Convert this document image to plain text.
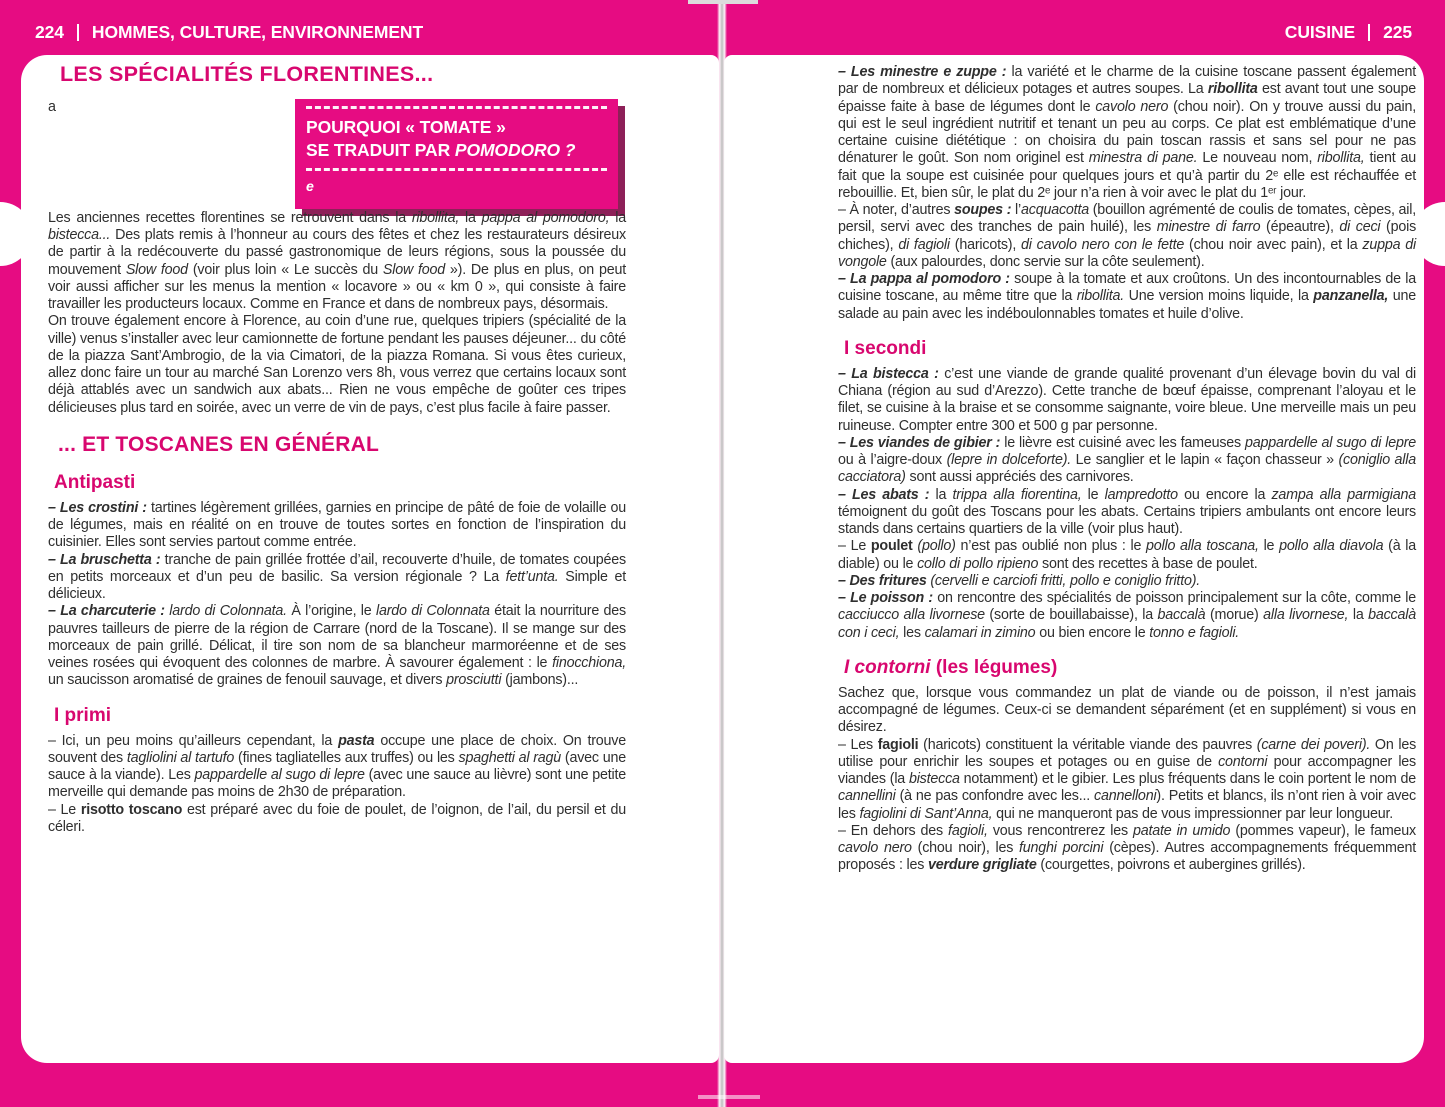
224 HOMMES, CULTURE, ENVIRONNEMENT	CUISINE 225
LES SPÉCIALITÉS FLORENTINES...
a
POURQUOI « TOMATE »
SE TRADUIT PAR POMODORO ?
e

Les anciennes recettes florentines se retrouvent dans la ribollita, la pappa al pomodoro, la bistecca... Des plats remis à l’honneur au cours des fêtes et chez les restaurateurs désireux de partir à la redécouverte du passé gastronomique de leurs régions, sous la poussée du mouvement Slow food (voir plus loin « Le succès du Slow food »). De plus en plus, on peut voir aussi afficher sur les menus la mention « locavore » ou « km 0 », qui consiste à faire travailler les producteurs locaux. Comme en France et dans de nombreux pays, désormais.

On trouve également encore à Florence, au coin d’une rue, quelques tripiers (spécialité de la ville) venus s’installer avec leur camionnette de fortune pendant les pauses déjeuner... du côté de la piazza Sant’Ambrogio, de la via Cimatori, de la piazza Romana. Si vous êtes curieux, allez donc faire un tour au marché San Lorenzo vers 8h, vous verrez que certains locaux sont déjà attablés avec un sandwich aux abats... Rien ne vous empêche de goûter ces tripes délicieuses plus tard en soirée, avec un verre de vin de pays, c’est plus facile à faire passer.

... ET TOSCANES EN GÉNÉRAL
Antipasti

– Les crostini : tartines légèrement grillées, garnies en principe de pâté de foie de volaille ou de légumes, mais en réalité on en trouve de toutes sortes en fonction de l’inspiration du cuisinier. Elles sont servies partout comme entrée.

– La bruschetta : tranche de pain grillée frottée d’ail, recouverte d’huile, de tomates coupées en petits morceaux et d’un peu de basilic. Sa version régionale ? La fett’unta. Simple et délicieux.

– La charcuterie : lardo di Colonnata. À l’origine, le lardo di Colonnata était la nourriture des pauvres tailleurs de pierre de la région de Carrare (nord de la Toscane). Il se mange sur des morceaux de pain grillé. Délicat, il tire son nom de sa blancheur marmoréenne et de ses veines rosées qui évoquent des colonnes de marbre. À savourer également : le finocchiona, un saucisson aromatisé de graines de fenouil sauvage, et divers prosciutti (jambons)...

I primi

– Ici, un peu moins qu’ailleurs cependant, la pasta occupe une place de choix. On trouve souvent des tagliolini al tartufo (fines tagliatelles aux truffes) ou les spaghetti al ragù (avec une sauce à la viande). Les pappardelle al sugo di lepre (avec une sauce au lièvre) sont une petite merveille qui demande pas moins de 2h30 de préparation.

– Le risotto toscano est préparé avec du foie de poulet, de l’oignon, de l’ail, du persil et du céleri.

– Les minestre e zuppe : la variété et le charme de la cuisine toscane passent également par de nombreux et délicieux potages et autres soupes. La ribollita est avant tout une soupe épaisse faite à base de légumes dont le cavolo nero (chou noir). On y trouve aussi du pain, qui est le seul ingrédient nutritif et tenant un peu au corps. Ce plat est emblématique d’une certaine cuisine diététique : on choisira du pain toscan rassis et sans sel pour ne pas dénaturer le goût. Son nom originel est minestra di pane. Le nouveau nom, ribollita, tient au fait que la soupe est cuisinée pour quelques jours et qu’à partir du 2ᵉ elle est réchauffée et rebouillie. Et, bien sûr, le plat du 2ᵉ jour n’a rien à voir avec le plat du 1ᵉʳ jour.

– À noter, d’autres soupes : l’acquacotta (bouillon agrémenté de coulis de tomates, cèpes, ail, persil, servi avec des tranches de pain huilé), les minestre di farro (épeautre), di ceci (pois chiches), di fagioli (haricots), di cavolo nero con le fette (chou noir avec pain), et la zuppa di vongole (aux palourdes, donc servie sur la côte seulement).

– La pappa al pomodoro : soupe à la tomate et aux croûtons. Un des incontournables de la cuisine toscane, au même titre que la ribollita. Une version moins liquide, la panzanella, une salade au pain avec les indéboulonnables tomates et huile d’olive.

I secondi

– La bistecca : c’est une viande de grande qualité provenant d’un élevage bovin du val di Chiana (région au sud d’Arezzo). Cette tranche de bœuf épaisse, comprenant l’aloyau et le filet, se cuisine à la braise et se consomme saignante, voire bleue. Une merveille mais un peu ruineuse. Compter entre 300 et 500 g par personne.

– Les viandes de gibier : le lièvre est cuisiné avec les fameuses pappardelle al sugo di lepre ou à l’aigre-doux (lepre in dolceforte). Le sanglier et le lapin « façon chasseur » (coniglio alla cacciatora) sont aussi appréciés des carnivores.

– Les abats : la trippa alla fiorentina, le lampredotto ou encore la zampa alla parmigiana témoignent du goût des Toscans pour les abats. Certains tripiers ambulants ont encore leurs stands dans certains quartiers de la ville (voir plus haut).

– Le poulet (pollo) n’est pas oublié non plus : le pollo alla toscana, le pollo alla diavola (à la diable) ou le collo di pollo ripieno sont des recettes à base de poulet.

– Des fritures (cervelli e carciofi fritti, pollo e coniglio fritto).

– Le poisson : on rencontre des spécialités de poisson principalement sur la côte, comme le cacciucco alla livornese (sorte de bouillabaisse), la baccalà (morue) alla livornese, la baccalà con i ceci, les calamari in zimino ou bien encore le tonno e fagioli.

I contorni (les légumes)

Sachez que, lorsque vous commandez un plat de viande ou de poisson, il n’est jamais accompagné de légumes. Ceux-ci se demandent séparément (et en supplément) si vous en désirez.

– Les fagioli (haricots) constituent la véritable viande des pauvres (carne dei poveri). On les utilise pour enrichir les soupes et potages ou en guise de contorni pour accompagner les viandes (la bistecca notamment) et le gibier. Les plus fréquents dans le coin portent le nom de cannellini (à ne pas confondre avec les... cannelloni). Petits et blancs, ils n’ont rien à voir avec les fagiolini di Sant’Anna, qui ne manqueront pas de vous impressionner par leur longueur.

– En dehors des fagioli, vous rencontrerez les patate in umido (pommes vapeur), le fameux cavolo nero (chou noir), les funghi porcini (cèpes). Autres accompagnements fréquemment proposés : les verdure grigliate (courgettes, poivrons et aubergines grillés).
